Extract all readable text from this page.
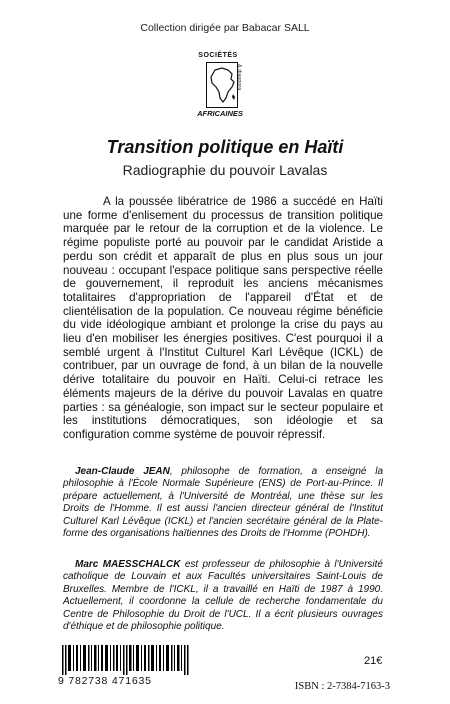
Collection dirigée par Babacar SALL
SOCIÉTÉS
& diaspora
AFRICAINES
Transition politique en Haïti
Radiographie du pouvoir Lavalas
A la poussée libératrice de 1986 a succédé en Haïti une forme d'enlisement du processus de transition politique marquée par le retour de la corruption et de la violence. Le régime populiste porté au pouvoir par le candidat Aristide a perdu son crédit et apparaît de plus en plus sous un jour nouveau : occupant l'espace politique sans perspective réelle de gouvernement, il reproduit les anciens mécanismes totalitaires d'appropriation de l'appareil d'État et de clientélisation de la population. Ce nouveau régime bénéficie du vide idéologique ambiant et prolonge la crise du pays au lieu d'en mobiliser les énergies positives. C'est pourquoi il a semblé urgent à l'Institut Culturel Karl Lévêque (ICKL) de contribuer, par un ouvrage de fond, à un bilan de la nouvelle dérive totalitaire du pouvoir en Haïti. Celui-ci retrace les éléments majeurs de la dérive du pouvoir Lavalas en quatre parties : sa généalogie, son impact sur le secteur populaire et les institutions démocratiques, son idéologie et sa configuration comme système de pouvoir répressif.

Jean-Claude JEAN, philosophe de formation, a enseigné la philosophie à l'École Normale Supérieure (ENS) de Port-au-Prince. Il prépare actuellement, à l'Université de Montréal, une thèse sur les Droits de l'Homme. Il est aussi l'ancien directeur général de l'Institut Culturel Karl Lévêque (ICKL) et l'ancien secrétaire général de la Plate-forme des organisations haïtiennes des Droits de l'Homme (POHDH).

Marc MAESSCHALCK est professeur de philosophie à l'Université catholique de Louvain et aux Facultés universitaires Saint-Louis de Bruxelles. Membre de l'ICKL, il a travaillé en Haïti de 1987 à 1990. Actuellement, il coordonne la cellule de recherche fondamentale du Centre de Philosophie du Droit de l'UCL. Il a écrit plusieurs ouvrages d'éthique et de philosophie politique.

9 782738 471635
21€
ISBN : 2-7384-7163-3
